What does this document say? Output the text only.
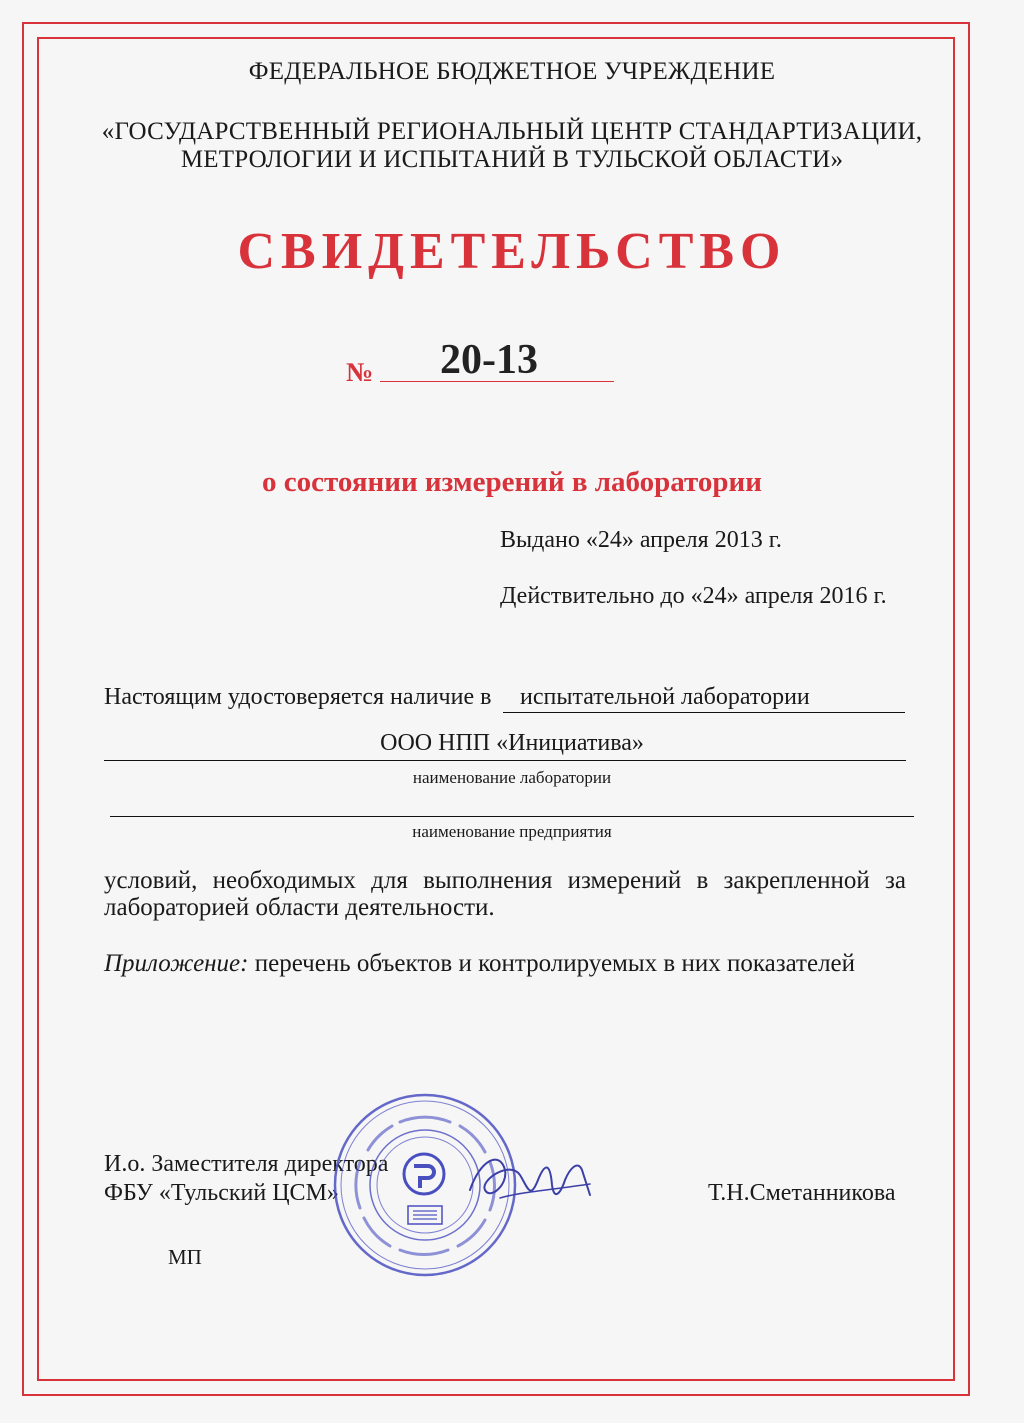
ФЕДЕРАЛЬНОЕ БЮДЖЕТНОЕ УЧРЕЖДЕНИЕ
«ГОСУДАРСТВЕННЫЙ РЕГИОНАЛЬНЫЙ ЦЕНТР СТАНДАРТИЗАЦИИ,
МЕТРОЛОГИИ И ИСПЫТАНИЙ В ТУЛЬСКОЙ ОБЛАСТИ»
СВИДЕТЕЛЬСТВО
№ 20-13
о состоянии измерений в лаборатории
Выдано «24» апреля 2013 г.
Действительно до «24» апреля 2016 г.
Настоящим удостоверяется наличие в испытательной лаборатории
ООО НПП «Инициатива»
наименование лаборатории
наименование предприятия
условий, необходимых для выполнения измерений в закрепленной за
лабораторией области деятельности.
Приложение: перечень объектов и контролируемых в них показателей
И.о. Заместителя директора
ФБУ «Тульский ЦСМ»	Т.Н.Сметанникова
МП
